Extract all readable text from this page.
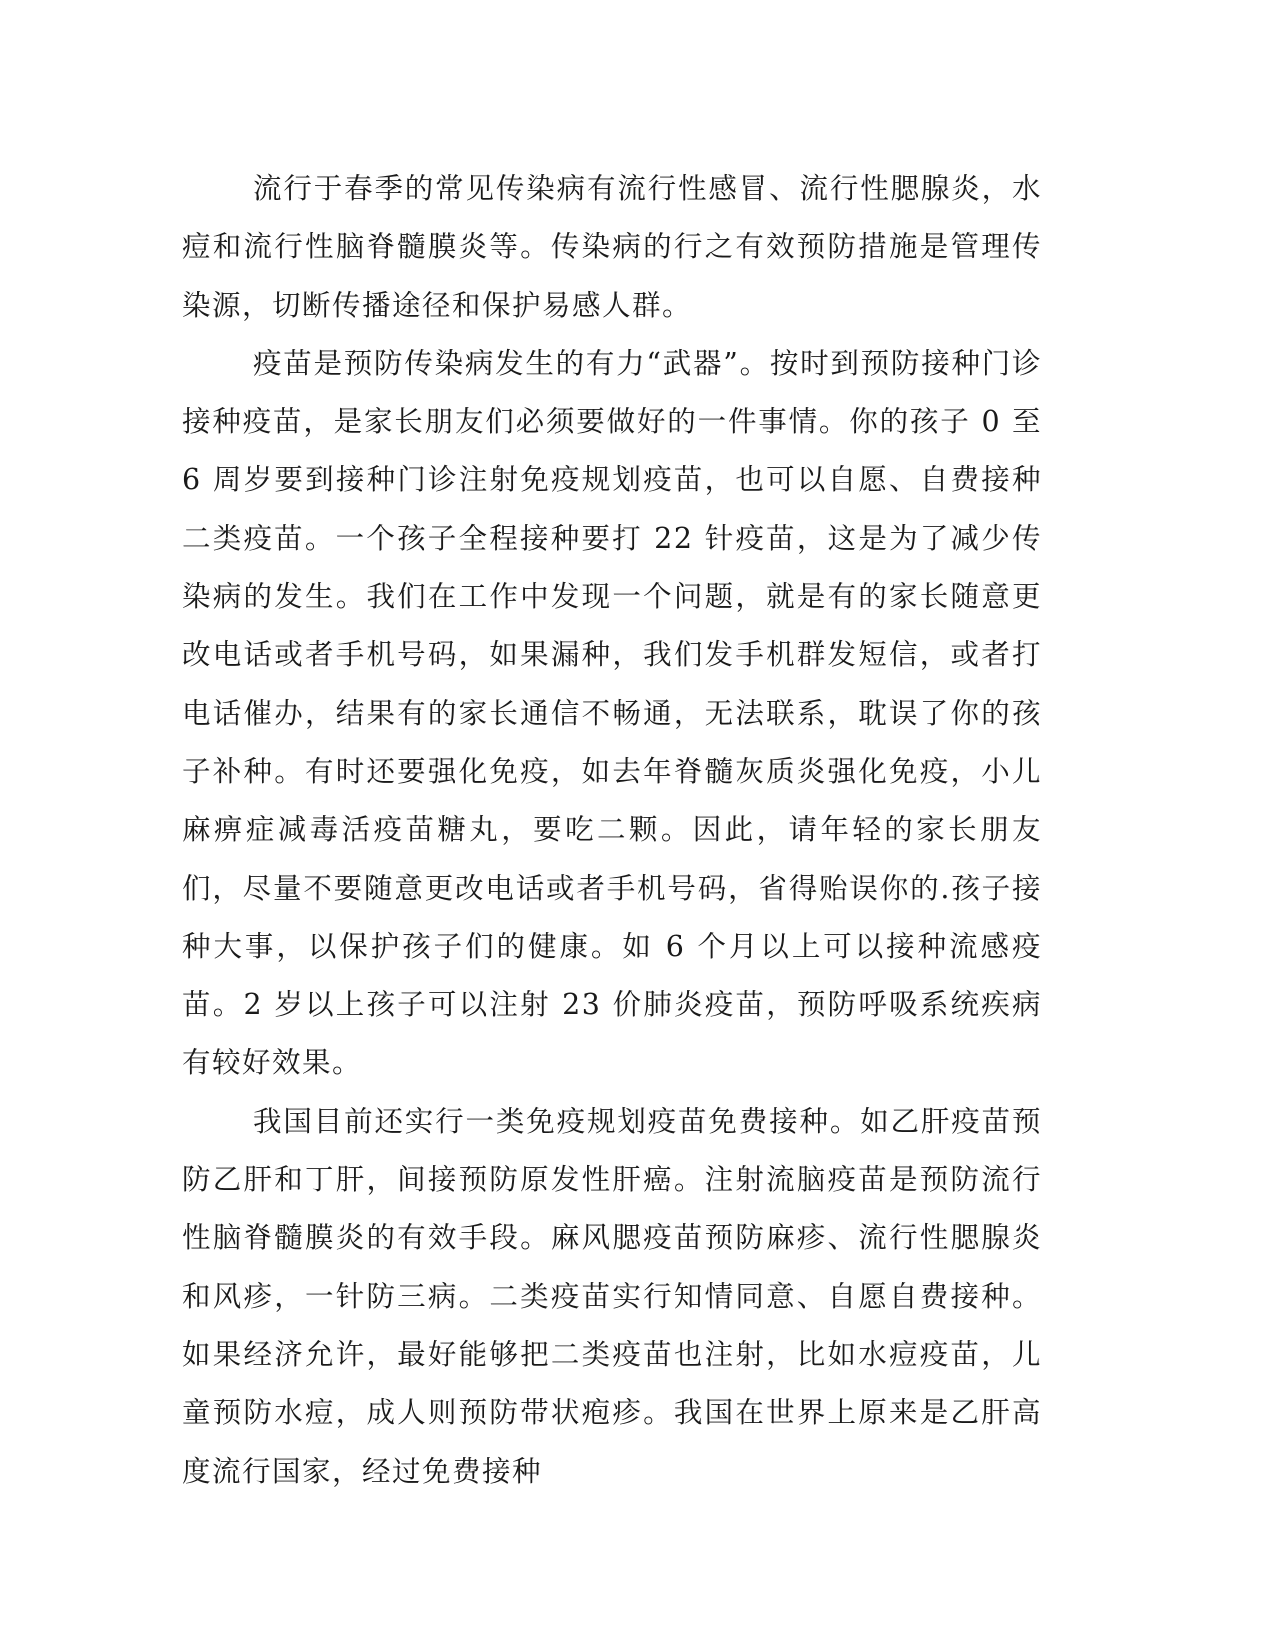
流行于春季的常见传染病有流行性感冒、流行性腮腺炎，水痘和流行性脑脊髓膜炎等。传染病的行之有效预防措施是管理传染源，切断传播途径和保护易感人群。

疫苗是预防传染病发生的有力“武器”。按时到预防接种门诊接种疫苗，是家长朋友们必须要做好的一件事情。你的孩子 0 至 6 周岁要到接种门诊注射免疫规划疫苗，也可以自愿、自费接种二类疫苗。一个孩子全程接种要打 22 针疫苗，这是为了减少传染病的发生。我们在工作中发现一个问题，就是有的家长随意更改电话或者手机号码，如果漏种，我们发手机群发短信，或者打电话催办，结果有的家长通信不畅通，无法联系，耽误了你的孩子补种。有时还要强化免疫，如去年脊髓灰质炎强化免疫，小儿麻痹症减毒活疫苗糖丸，要吃二颗。因此，请年轻的家长朋友们，尽量不要随意更改电话或者手机号码，省得贻误你的.孩子接种大事，以保护孩子们的健康。如 6 个月以上可以接种流感疫苗。2 岁以上孩子可以注射 23 价肺炎疫苗，预防呼吸系统疾病有较好效果。

我国目前还实行一类免疫规划疫苗免费接种。如乙肝疫苗预防乙肝和丁肝，间接预防原发性肝癌。注射流脑疫苗是预防流行性脑脊髓膜炎的有效手段。麻风腮疫苗预防麻疹、流行性腮腺炎和风疹，一针防三病。二类疫苗实行知情同意、自愿自费接种。如果经济允许，最好能够把二类疫苗也注射，比如水痘疫苗，儿童预防水痘，成人则预防带状疱疹。我国在世界上原来是乙肝高度流行国家，经过免费接种
